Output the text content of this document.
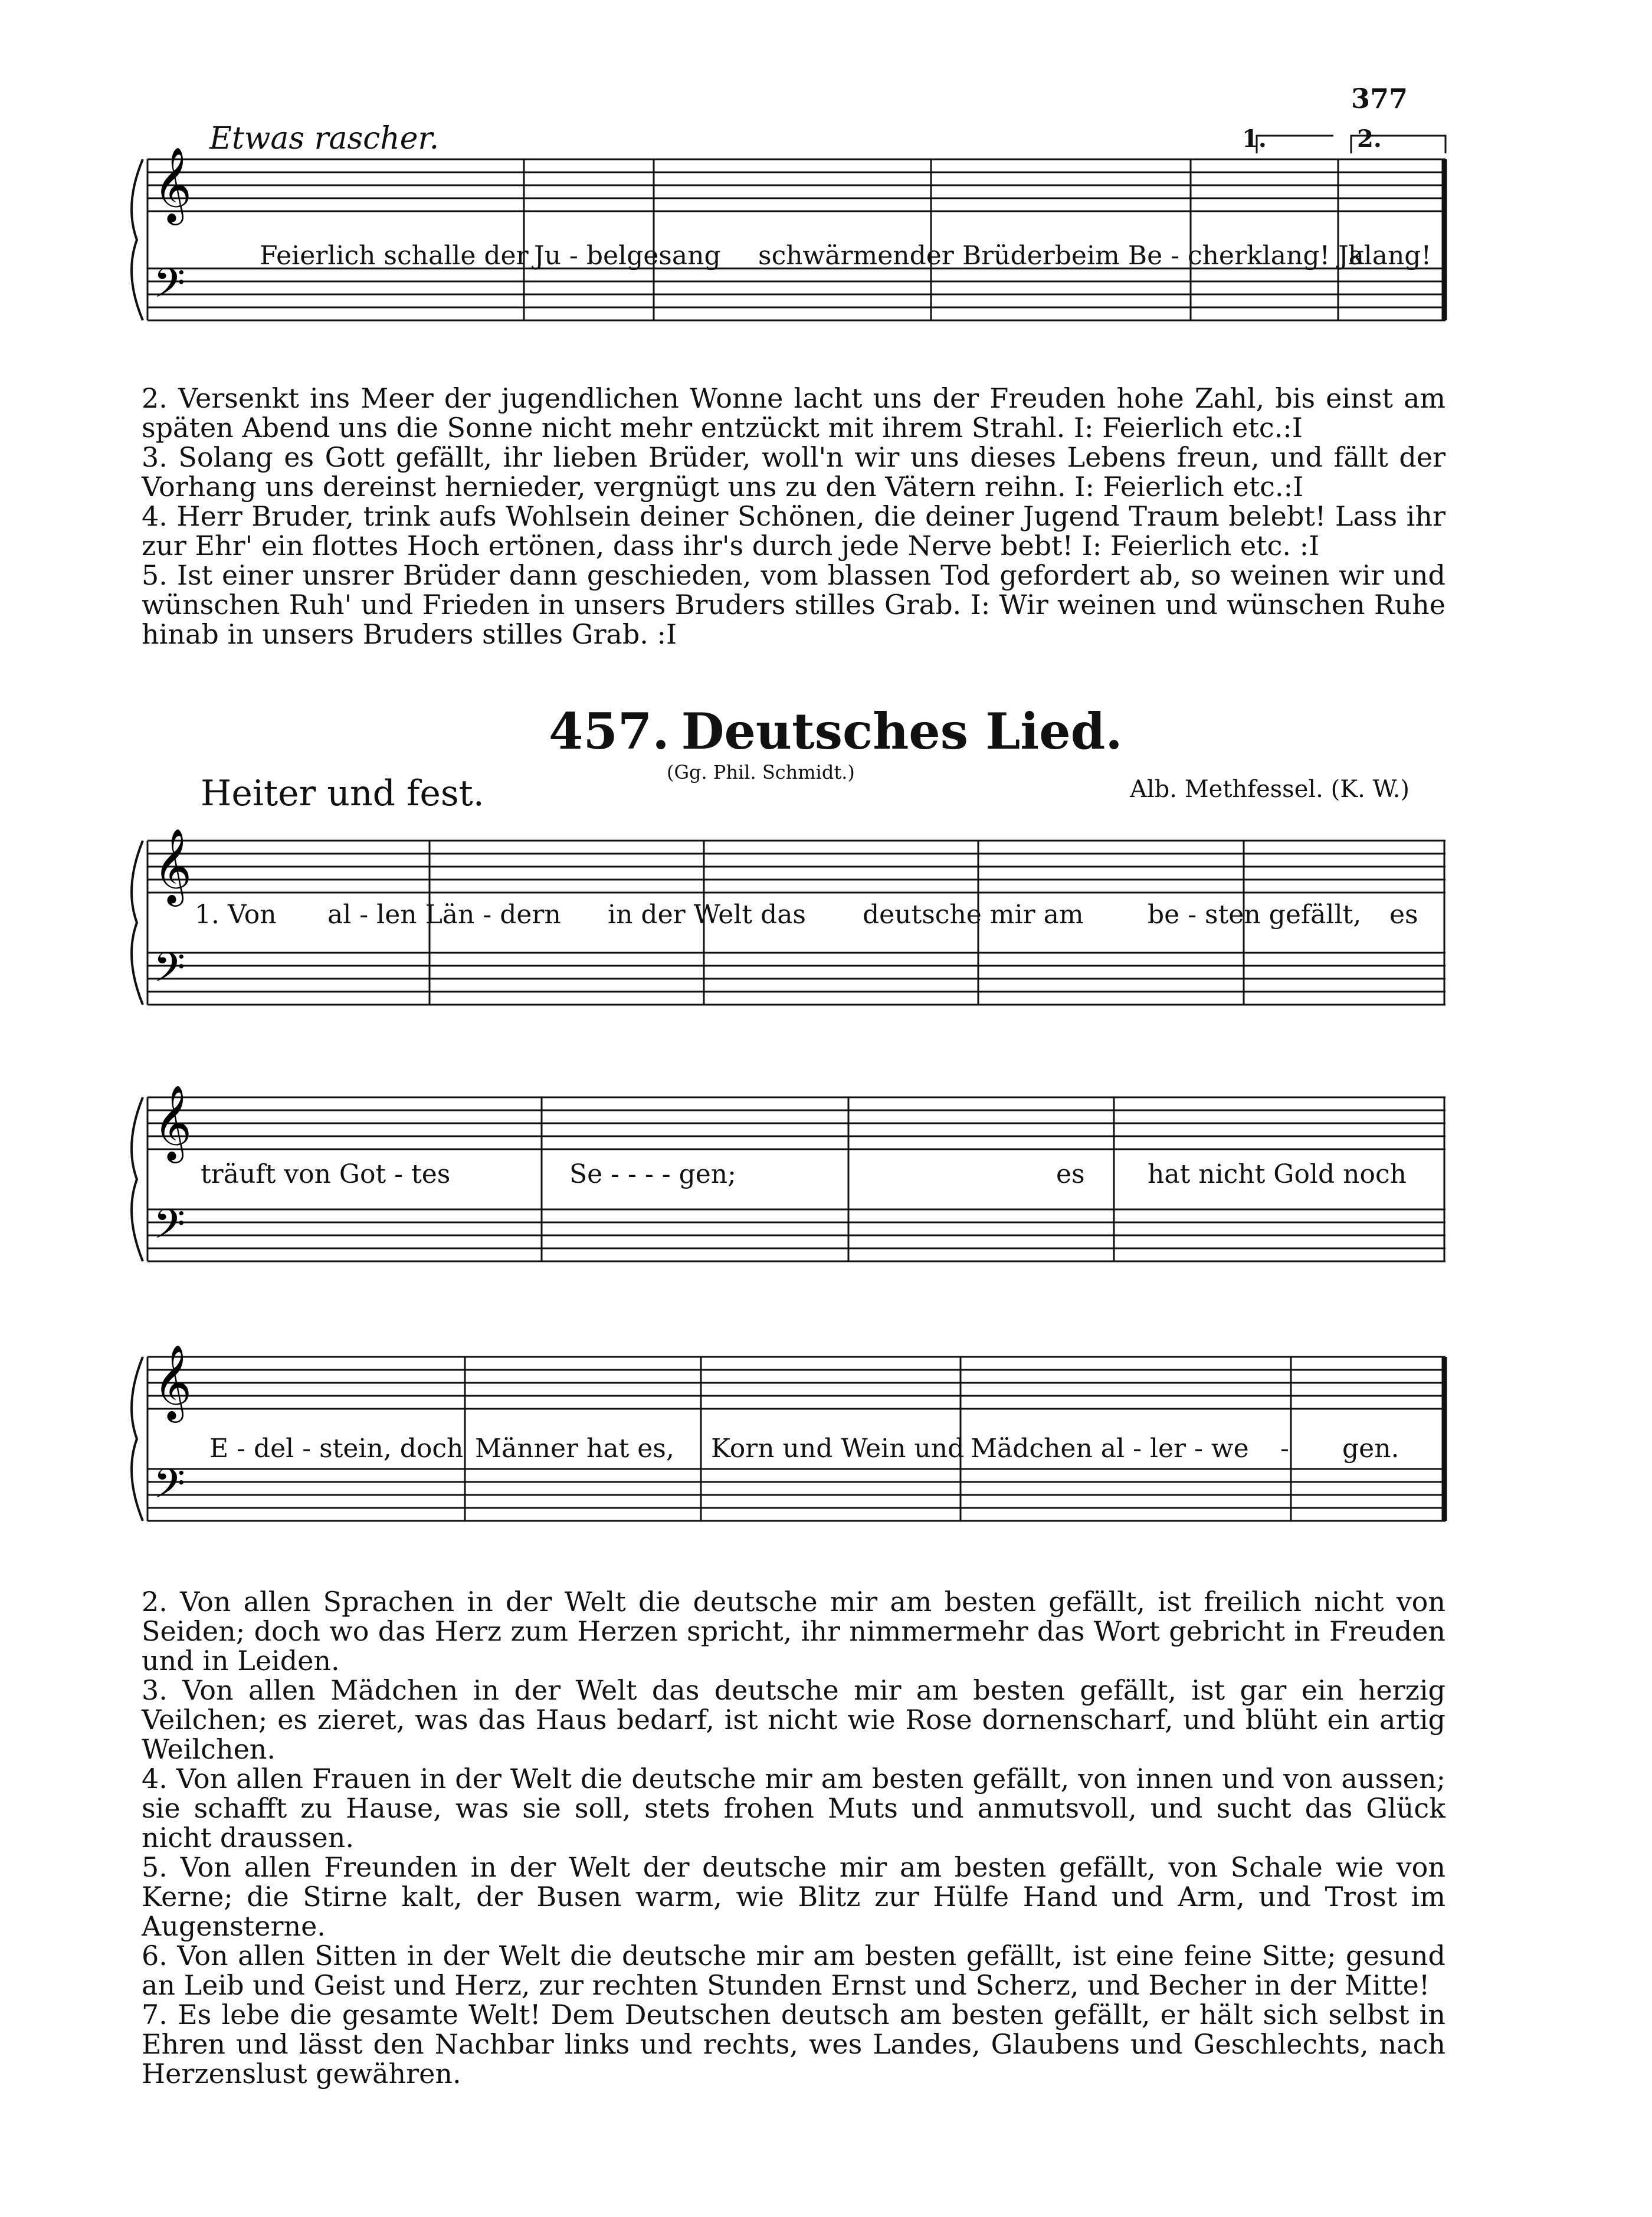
377
Etwas rascher.	1.	2.
𝄞
𝄢
Feierlich schalle der Ju - belgesang schwärmender Brüderbeim Be - cherklang! Ja
klang!

2. Versenkt ins Meer der jugendlichen Wonne lacht uns der Freuden hohe Zahl, bis einst am späten Abend uns die Sonne nicht mehr entzückt mit ihrem Strahl. I: Feierlich etc.:I

3. Solang es Gott gefällt, ihr lieben Brüder, woll'n wir uns dieses Lebens freun, und fällt der Vorhang uns dereinst hernieder, vergnügt uns zu den Vätern reihn. I: Feierlich etc.:I

4. Herr Bruder, trink aufs Wohlsein deiner Schönen, die deiner Jugend Traum belebt! Lass ihr zur Ehr' ein flottes Hoch ertönen, dass ihr's durch jede Nerve bebt! I: Feierlich etc. :I

5. Ist einer unsrer Brüder dann geschieden, vom blassen Tod gefordert ab, so weinen wir und wünschen Ruh' und Frieden in unsers Bruders stilles Grab. I: Wir weinen und wünschen Ruhe hinab in unsers Bruders stilles Grab. :I

457. Deutsches Lied.
(Gg. Phil. Schmidt.)
Heiter und fest.	Alb. Methfessel. (K. W.)
𝄞
𝄢
1. Von al - len Län - dern in der Welt das deutsche mir am be - sten gefällt, es
𝄞
𝄢
träuft von Got - tes	Se - - - - gen;	es hat nicht Gold noch
𝄞
𝄢
E - del - stein, doch Männer hat es, Korn und Wein und Mädchen al - ler - we - gen.

2. Von allen Sprachen in der Welt die deutsche mir am besten gefällt, ist freilich nicht von Seiden; doch wo das Herz zum Herzen spricht, ihr nimmermehr das Wort gebricht in Freuden und in Leiden.

3. Von allen Mädchen in der Welt das deutsche mir am besten gefällt, ist gar ein herzig Veilchen; es zieret, was das Haus bedarf, ist nicht wie Rose dornenscharf, und blüht ein artig Weilchen.

4. Von allen Frauen in der Welt die deutsche mir am besten gefällt, von innen und von aussen; sie schafft zu Hause, was sie soll, stets frohen Muts und anmutsvoll, und sucht das Glück nicht draussen.

5. Von allen Freunden in der Welt der deutsche mir am besten gefällt, von Schale wie von Kerne; die Stirne kalt, der Busen warm, wie Blitz zur Hülfe Hand und Arm, und Trost im Augensterne.

6. Von allen Sitten in der Welt die deutsche mir am besten gefällt, ist eine feine Sitte; gesund an Leib und Geist und Herz, zur rechten Stunden Ernst und Scherz, und Becher in der Mitte!

7. Es lebe die gesamte Welt! Dem Deutschen deutsch am besten gefällt, er hält sich selbst in Ehren und lässt den Nachbar links und rechts, wes Landes, Glaubens und Geschlechts, nach Herzenslust gewähren.
